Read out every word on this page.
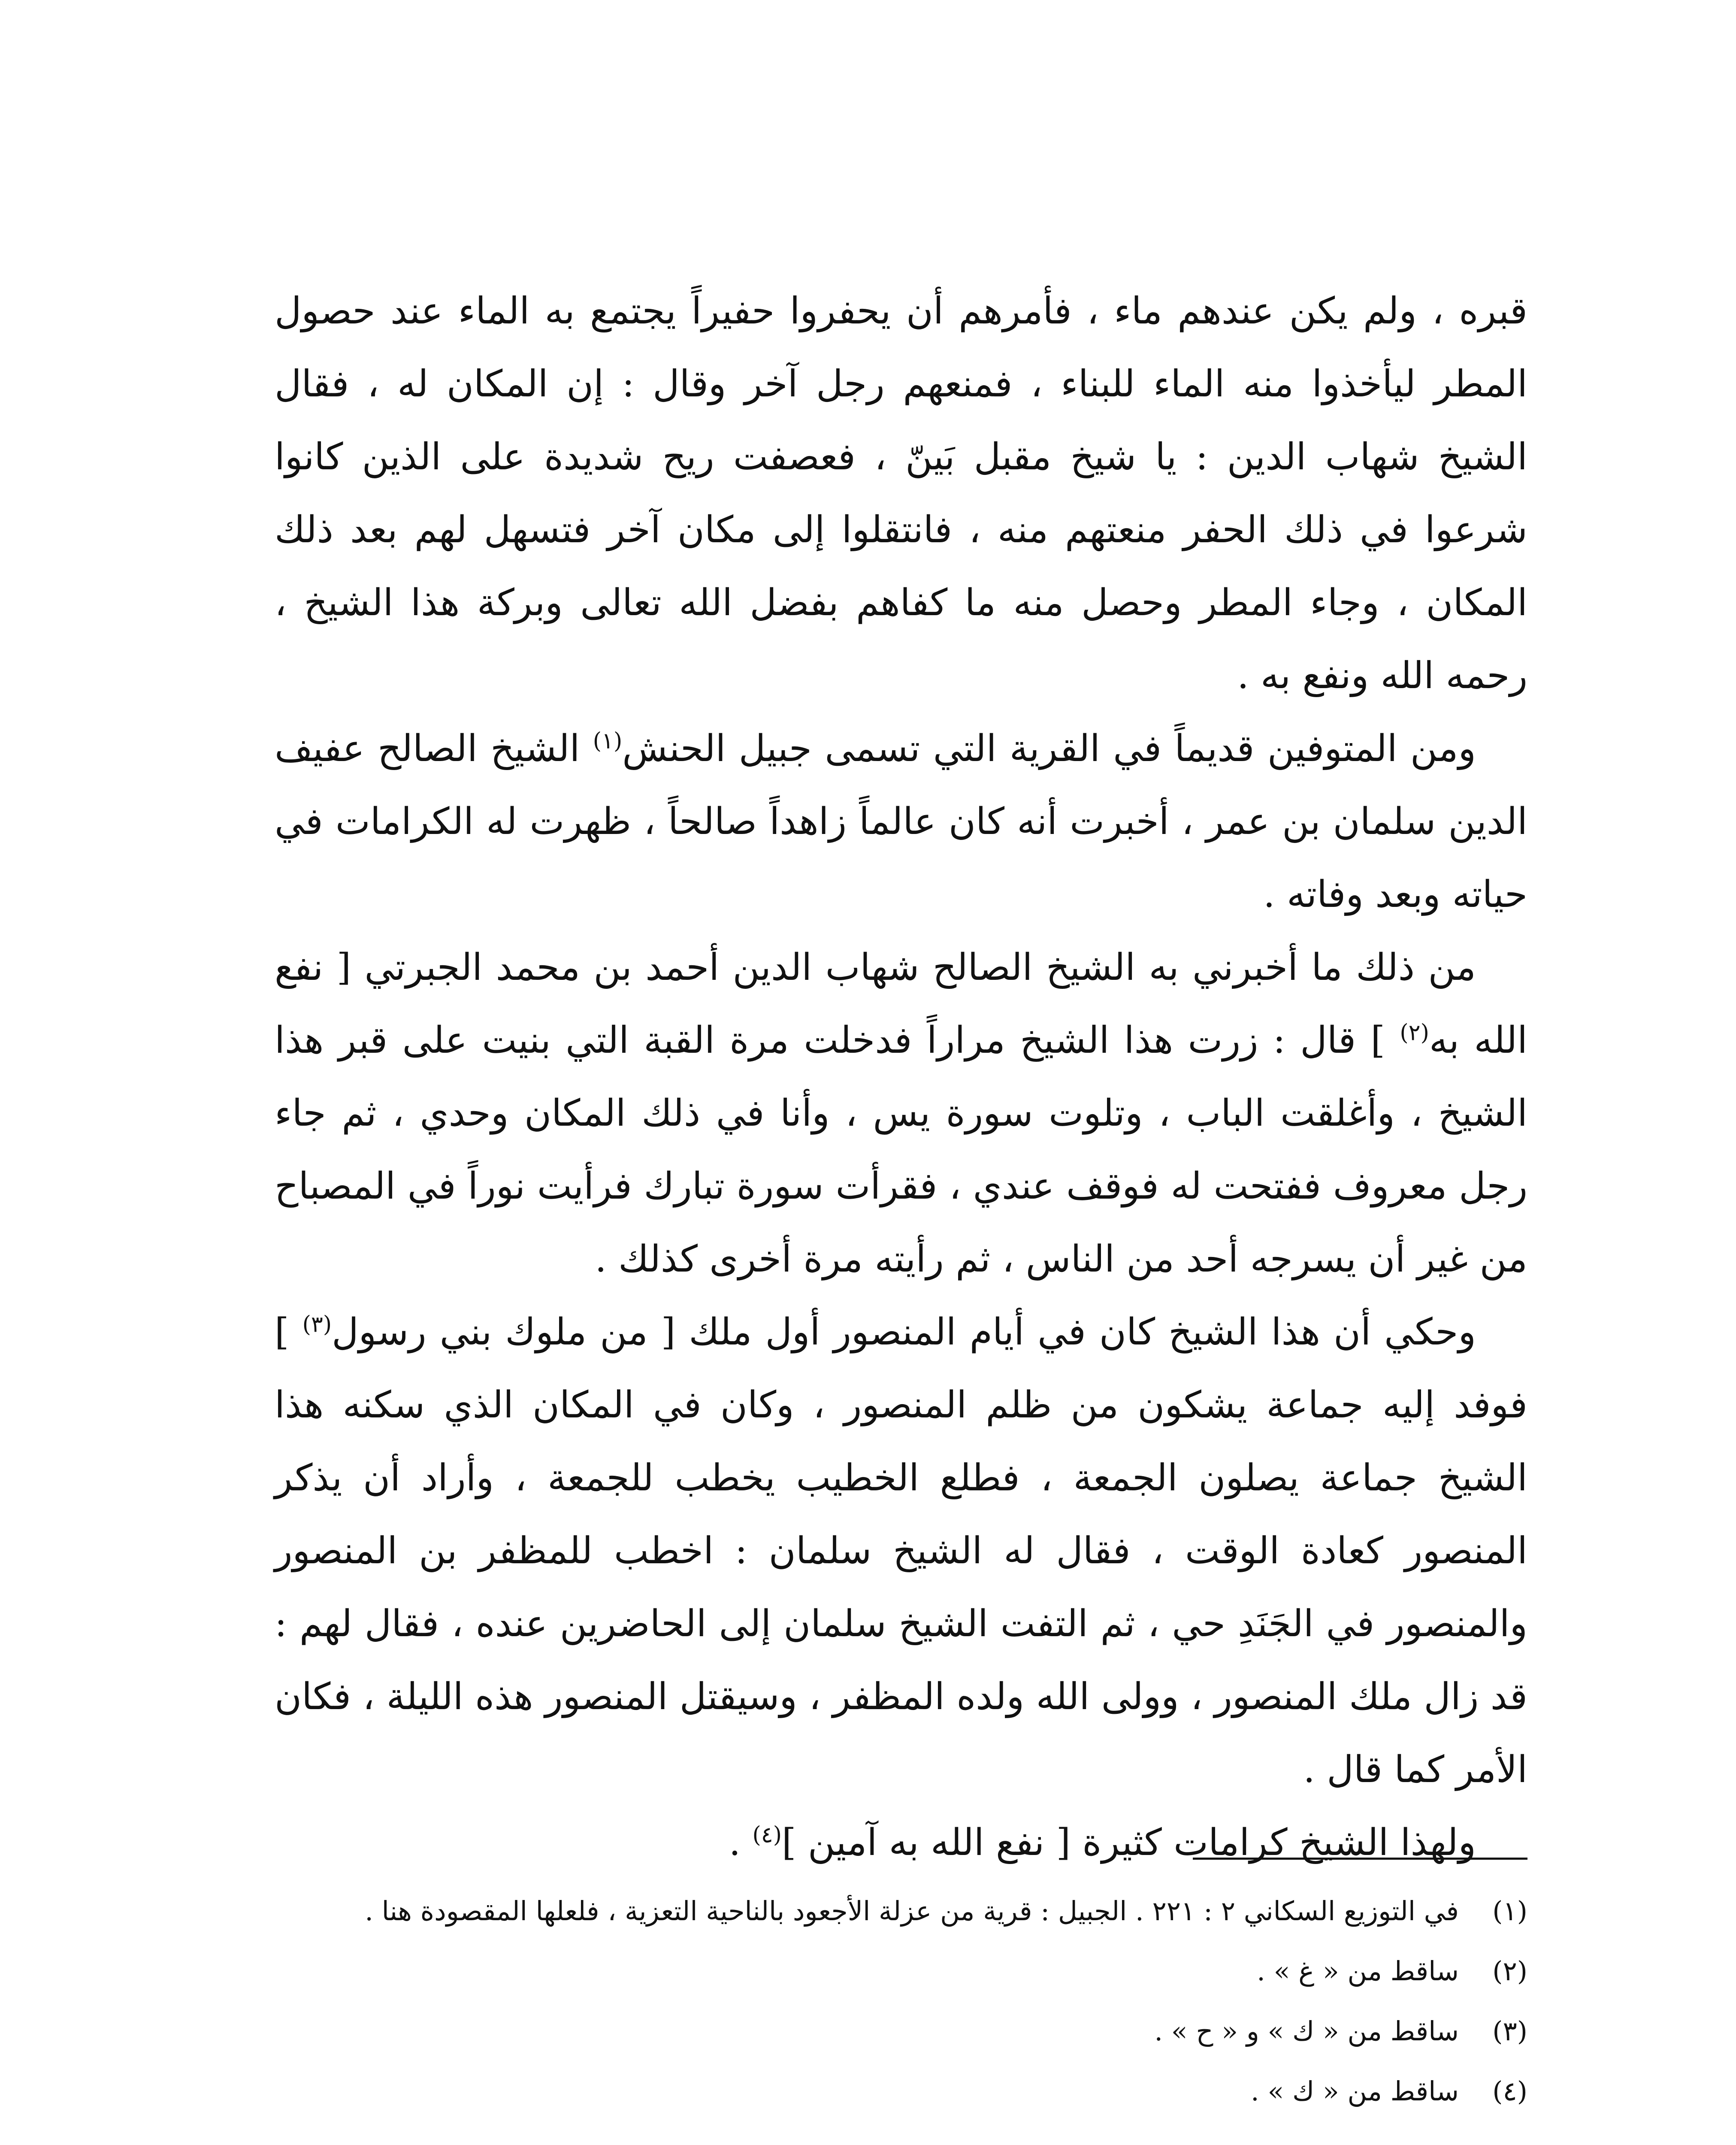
قبره ، ولم يكن عندهم ماء ، فأمرهم أن يحفروا حفيراً يجتمع به الماء عند حصول المطر ليأخذوا منه الماء للبناء ، فمنعهم رجل آخر وقال : إن المكان له ، فقال الشيخ شهاب الدين : يا شيخ مقبل بَينّ ، فعصفت ريح شديدة على الذين كانوا شرعوا في ذلك الحفر منعتهم منه ، فانتقلوا إلى مكان آخر فتسهل لهم بعد ذلك المكان ، وجاء المطر وحصل منه ما كفاهم بفضل الله تعالى وبركة هذا الشيخ ، رحمه الله ونفع به .

ومن المتوفين قديماً في القرية التي تسمى جبيل الحنش$^{(١)}$ الشيخ الصالح عفيف الدين سلمان بن عمر ، أخبرت أنه كان عالماً زاهداً صالحاً ، ظهرت له الكرامات في حياته وبعد وفاته .

من ذلك ما أخبرني به الشيخ الصالح شهاب الدين أحمد بن محمد الجبرتي [ نفع الله به$^{(٢)}$ ] قال : زرت هذا الشيخ مراراً فدخلت مرة القبة التي بنيت على قبر هذا الشيخ ، وأغلقت الباب ، وتلوت سورة يس ، وأنا في ذلك المكان وحدي ، ثم جاء رجل معروف ففتحت له فوقف عندي ، فقرأت سورة تبارك فرأيت نوراً في المصباح من غير أن يسرجه أحد من الناس ، ثم رأيته مرة أخرى كذلك .

وحكي أن هذا الشيخ كان في أيام المنصور أول ملك [ من ملوك بني رسول$^{(٣)}$ ] فوفد إليه جماعة يشكون من ظلم المنصور ، وكان في المكان الذي سكنه هذا الشيخ جماعة يصلون الجمعة ، فطلع الخطيب يخطب للجمعة ، وأراد أن يذكر المنصور كعادة الوقت ، فقال له الشيخ سلمان : اخطب للمظفر بن المنصور والمنصور في الجَنَدِ حي ، ثم التفت الشيخ سلمان إلى الحاضرين عنده ، فقال لهم : قد زال ملك المنصور ، وولى الله ولده المظفر ، وسيقتل المنصور هذه الليلة ، فكان الأمر كما قال .

ولهذا الشيخ كرامات كثيرة [ نفع الله به آمين ]$^{(٤)}$ .

(١)
في التوزيع السكاني ٢ : ٢٢١ . الجبيل : قرية من عزلة الأجعود بالناحية التعزية ، فلعلها المقصودة هنا .
(٢)
ساقط من « غ » .
(٣)
ساقط من « ك » و « ح » .
(٤)
ساقط من « ك » .
